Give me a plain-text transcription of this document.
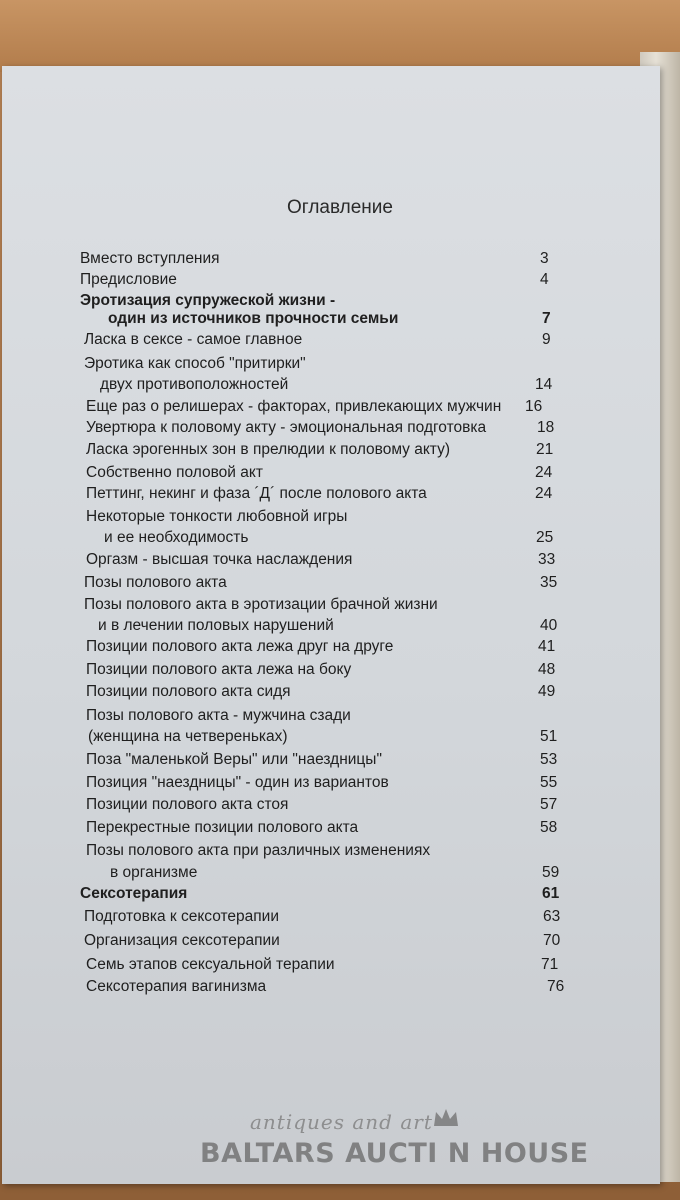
Оглавление
Вместо вступления	3
Предисловие	4
Эротизация супружеской жизни -
один из источников прочности семьи	7
Ласка в сексе - самое главное	9
Эротика как способ "притирки"
двух противоположностей	14
Еще раз о релишерах - факторах, привлекающих мужчин 16
Увертюра к половому акту - эмоциональная подготовка	18
Ласка эрогенных зон в прелюдии к половому акту)	21
Собственно половой акт	24
Петтинг, некинг и фаза ´Д´ после полового акта	24
Некоторые тонкости любовной игры
и ее необходимость	25
Оргазм - высшая точка наслаждения	33
Позы полового акта	35
Позы полового акта в эротизации брачной жизни
и в лечении половых нарушений	40
Позиции полового акта лежа друг на друге	41
Позиции полового акта лежа на боку	48
Позиции полового акта сидя	49
Позы полового акта - мужчина сзади
(женщина на четвереньках)	51
Поза "маленькой Веры" или "наездницы"	53
Позиция "наездницы" - один из вариантов	55
Позиции полового акта стоя	57
Перекрестные позиции полового акта	58
Позы полового акта при различных изменениях
в организме	59
Сексотерапия	61
Подготовка к сексотерапии	63
Организация сексотерапии	70
Семь этапов сексуальной терапии	71
Сексотерапия вагинизма	76
antiques and art
BALTARS AUCTI N HOUSE
